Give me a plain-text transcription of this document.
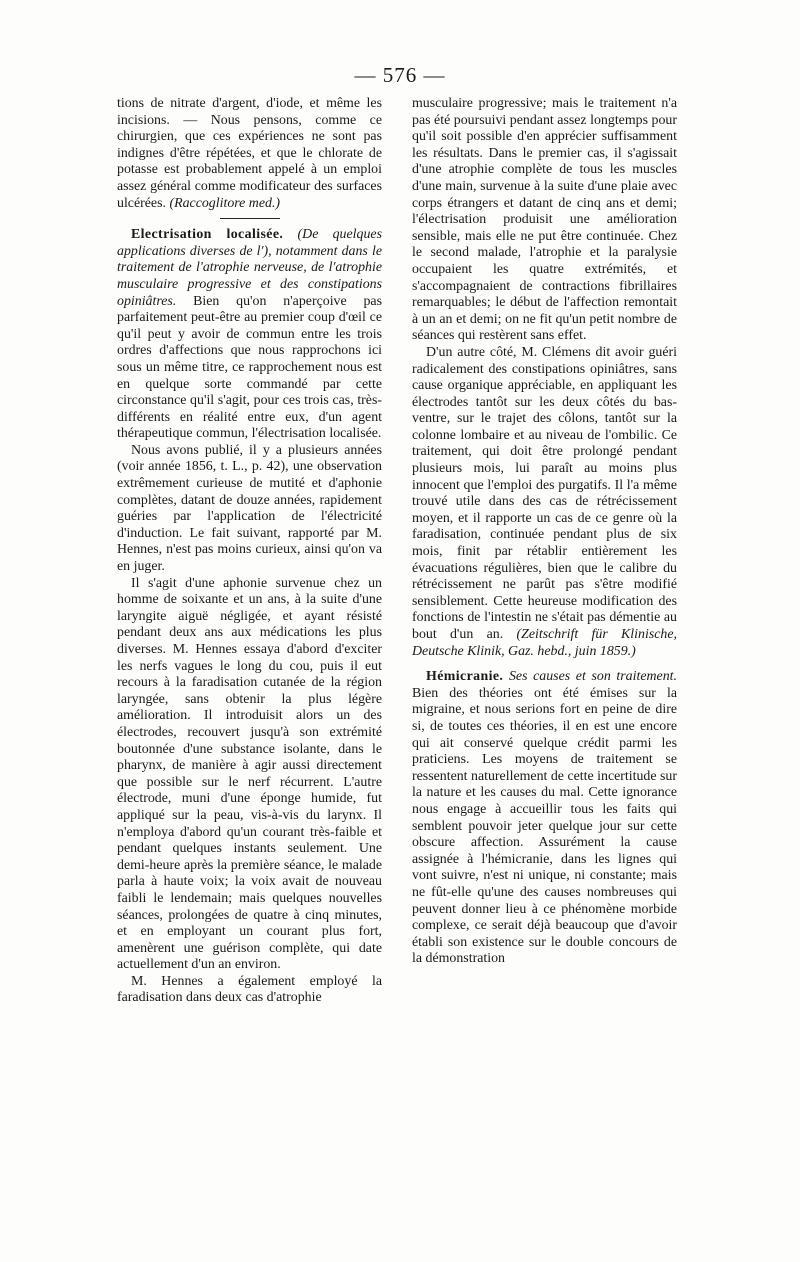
— 576 —

tions de nitrate d'argent, d'iode, et même les incisions. — Nous pensons, comme ce chirurgien, que ces expériences ne sont pas indignes d'être répétées, et que le chlorate de potasse est probablement appelé à un emploi assez général comme modificateur des surfaces ulcérées. (Raccoglitore med.)

Electrisation localisée. (De quelques applications diverses de l'), notamment dans le traitement de l'atrophie nerveuse, de l'atrophie musculaire progressive et des constipations opiniâtres. Bien qu'on n'aperçoive pas parfaitement peut-être au premier coup d'œil ce qu'il peut y avoir de commun entre les trois ordres d'affections que nous rapprochons ici sous un même titre, ce rapprochement nous est en quelque sorte commandé par cette circonstance qu'il s'agit, pour ces trois cas, très-différents en réalité entre eux, d'un agent thérapeutique commun, l'électrisation localisée.

Nous avons publié, il y a plusieurs années (voir année 1856, t. L., p. 42), une observation extrêmement curieuse de mutité et d'aphonie complètes, datant de douze années, rapidement guéries par l'application de l'électricité d'induction. Le fait suivant, rapporté par M. Hennes, n'est pas moins curieux, ainsi qu'on va en juger.

Il s'agit d'une aphonie survenue chez un homme de soixante et un ans, à la suite d'une laryngite aiguë négligée, et ayant résisté pendant deux ans aux médications les plus diverses. M. Hennes essaya d'abord d'exciter les nerfs vagues le long du cou, puis il eut recours à la faradisation cutanée de la région laryngée, sans obtenir la plus légère amélioration. Il introduisit alors un des électrodes, recouvert jusqu'à son extrémité boutonnée d'une substance isolante, dans le pharynx, de manière à agir aussi directement que possible sur le nerf récurrent. L'autre électrode, muni d'une éponge humide, fut appliqué sur la peau, vis-à-vis du larynx. Il n'employa d'abord qu'un courant très-faible et pendant quelques instants seulement. Une demi-heure après la première séance, le malade parla à haute voix; la voix avait de nouveau faibli le lendemain; mais quelques nouvelles séances, prolongées de quatre à cinq minutes, et en employant un courant plus fort, amenèrent une guérison complète, qui date actuellement d'un an environ.

M. Hennes a également employé la faradisation dans deux cas d'atrophie

musculaire progressive; mais le traitement n'a pas été poursuivi pendant assez longtemps pour qu'il soit possible d'en apprécier suffisamment les résultats. Dans le premier cas, il s'agissait d'une atrophie complète de tous les muscles d'une main, survenue à la suite d'une plaie avec corps étrangers et datant de cinq ans et demi; l'électrisation produisit une amélioration sensible, mais elle ne put être continuée. Chez le second malade, l'atrophie et la paralysie occupaient les quatre extrémités, et s'accompagnaient de contractions fibrillaires remarquables; le début de l'affection remontait à un an et demi; on ne fit qu'un petit nombre de séances qui restèrent sans effet.

D'un autre côté, M. Clémens dit avoir guéri radicalement des constipations opiniâtres, sans cause organique appréciable, en appliquant les électrodes tantôt sur les deux côtés du bas-ventre, sur le trajet des côlons, tantôt sur la colonne lombaire et au niveau de l'ombilic. Ce traitement, qui doit être prolongé pendant plusieurs mois, lui paraît au moins plus innocent que l'emploi des purgatifs. Il l'a même trouvé utile dans des cas de rétrécissement moyen, et il rapporte un cas de ce genre où la faradisation, continuée pendant plus de six mois, finit par rétablir entièrement les évacuations régulières, bien que le calibre du rétrécissement ne parût pas s'être modifié sensiblement. Cette heureuse modification des fonctions de l'intestin ne s'était pas démentie au bout d'un an. (Zeitschrift für Klinische, Deutsche Klinik, Gaz. hebd., juin 1859.)

Hémicranie. Ses causes et son traitement. Bien des théories ont été émises sur la migraine, et nous serions fort en peine de dire si, de toutes ces théories, il en est une encore qui ait conservé quelque crédit parmi les praticiens. Les moyens de traitement se ressentent naturellement de cette incertitude sur la nature et les causes du mal. Cette ignorance nous engage à accueillir tous les faits qui semblent pouvoir jeter quelque jour sur cette obscure affection. Assurément la cause assignée à l'hémicranie, dans les lignes qui vont suivre, n'est ni unique, ni constante; mais ne fût-elle qu'une des causes nombreuses qui peuvent donner lieu à ce phénomène morbide complexe, ce serait déjà beaucoup que d'avoir établi son existence sur le double concours de la démonstration
